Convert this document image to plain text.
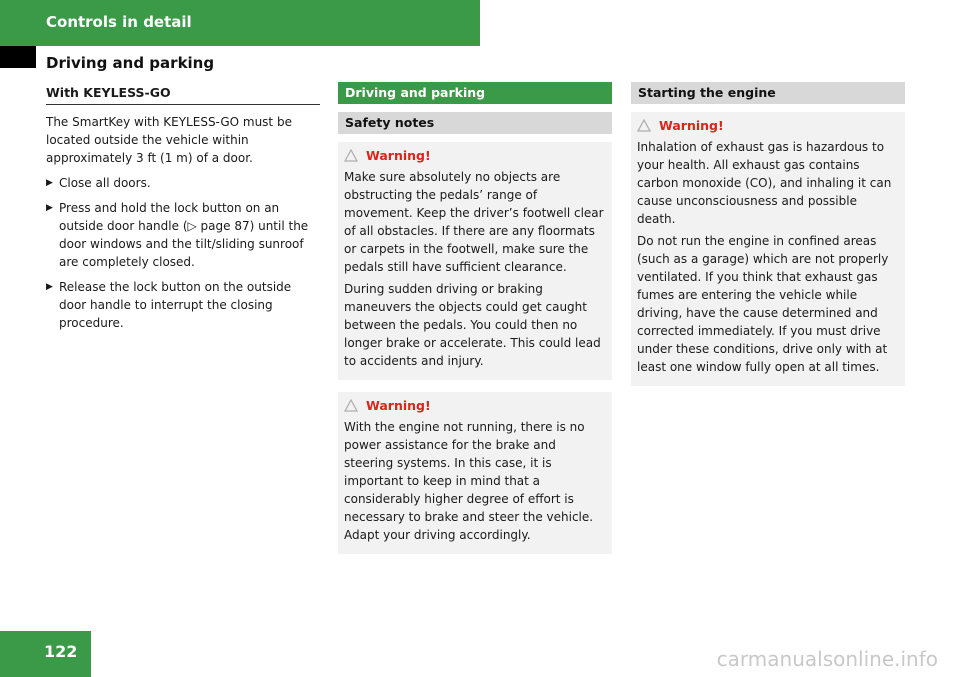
Controls in detail
Driving and parking
With KEYLESS-GO
The SmartKey with KEYLESS-GO must be located outside the vehicle within approximately 3 ft (1 m) of a door.
▶ Close all doors.
▶ Press and hold the lock button on an outside door handle (▷ page 87) until the door windows and the tilt/sliding sunroof are completely closed.
▶ Release the lock button on the outside door handle to interrupt the closing procedure.
Driving and parking
Safety notes
Warning!
Make sure absolutely no objects are obstructing the pedals’ range of movement. Keep the driver’s footwell clear of all obstacles. If there are any floormats or carpets in the footwell, make sure the pedals still have sufficient clearance.
During sudden driving or braking maneuvers the objects could get caught between the pedals. You could then no longer brake or accelerate. This could lead to accidents and injury.
Warning!
With the engine not running, there is no power assistance for the brake and steering systems. In this case, it is important to keep in mind that a considerably higher degree of effort is necessary to brake and steer the vehicle. Adapt your driving accordingly.
Starting the engine
Warning!
Inhalation of exhaust gas is hazardous to your health. All exhaust gas contains carbon monoxide (CO), and inhaling it can cause unconsciousness and possible death.
Do not run the engine in confined areas (such as a garage) which are not properly ventilated. If you think that exhaust gas fumes are entering the vehicle while driving, have the cause determined and corrected immediately. If you must drive under these conditions, drive only with at least one window fully open at all times.
122	carmanualsonline.info
